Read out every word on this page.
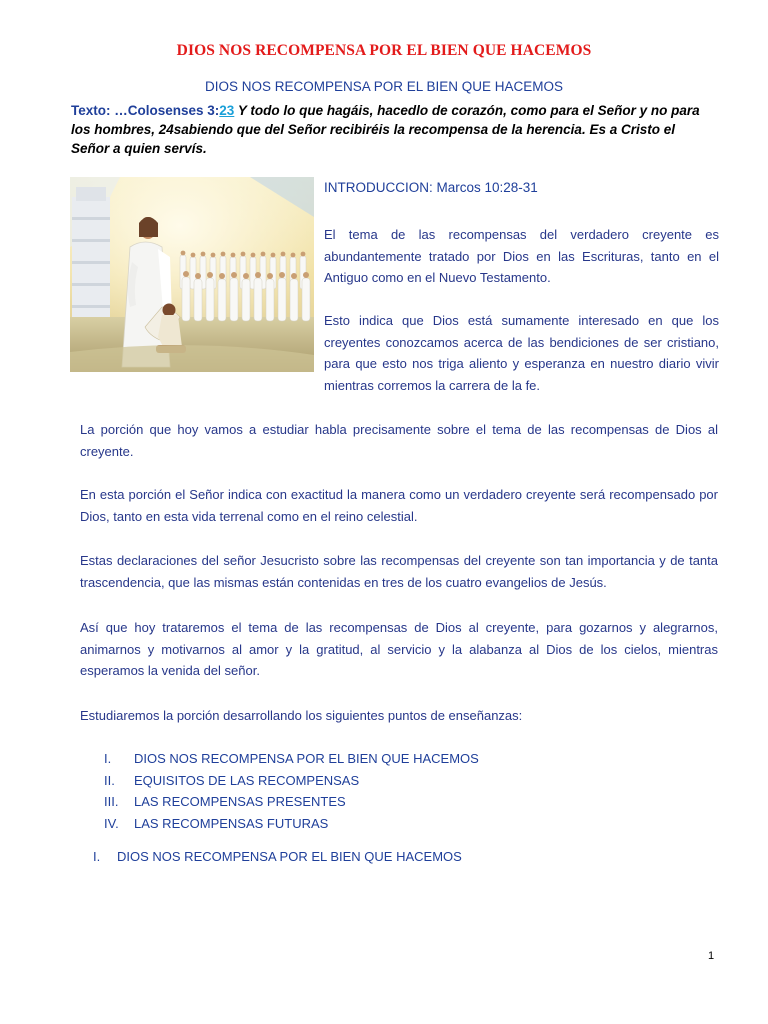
DIOS NOS RECOMPENSA POR EL BIEN QUE HACEMOS
DIOS NOS RECOMPENSA POR EL BIEN QUE HACEMOS
Texto: …Colosenses 3:23 Y todo lo que hagáis, hacedlo de corazón, como para el Señor y no para los hombres, 24sabiendo que del Señor recibiréis la recompensa de la herencia. Es a Cristo el Señor a quien servís.
INTRODUCCION: Marcos 10:28-31
El tema de las recompensas del verdadero creyente es abundantemente tratado por Dios en las Escrituras, tanto en el Antiguo como en el Nuevo Testamento.
Esto indica que Dios está sumamente interesado en que los creyentes conozcamos acerca de las bendiciones de ser cristiano, para que esto nos triga aliento y esperanza en nuestro diario vivir mientras corremos la carrera de la fe.
La porción que hoy vamos a estudiar habla precisamente sobre el tema de las recompensas de Dios al creyente.
En esta porción el Señor indica con exactitud la manera como un verdadero creyente será recompensado por Dios, tanto en esta vida terrenal como en el reino celestial.
Estas declaraciones del señor Jesucristo sobre las recompensas del creyente son tan importancia y de tanta trascendencia, que las mismas están contenidas en tres de los cuatro evangelios de Jesús.
Así que hoy trataremos el tema de las recompensas de Dios al creyente, para gozarnos y alegrarnos, animarnos y motivarnos al amor y la gratitud, al servicio y la alabanza al Dios de los cielos, mientras esperamos la venida del señor.
Estudiaremos la porción desarrollando los siguientes puntos de enseñanzas:
I.	DIOS NOS RECOMPENSA POR EL BIEN QUE HACEMOS
II.	EQUISITOS DE LAS RECOMPENSAS
III.	LAS RECOMPENSAS PRESENTES
IV.	LAS RECOMPENSAS FUTURAS
I. DIOS NOS RECOMPENSA POR EL BIEN QUE HACEMOS
1
